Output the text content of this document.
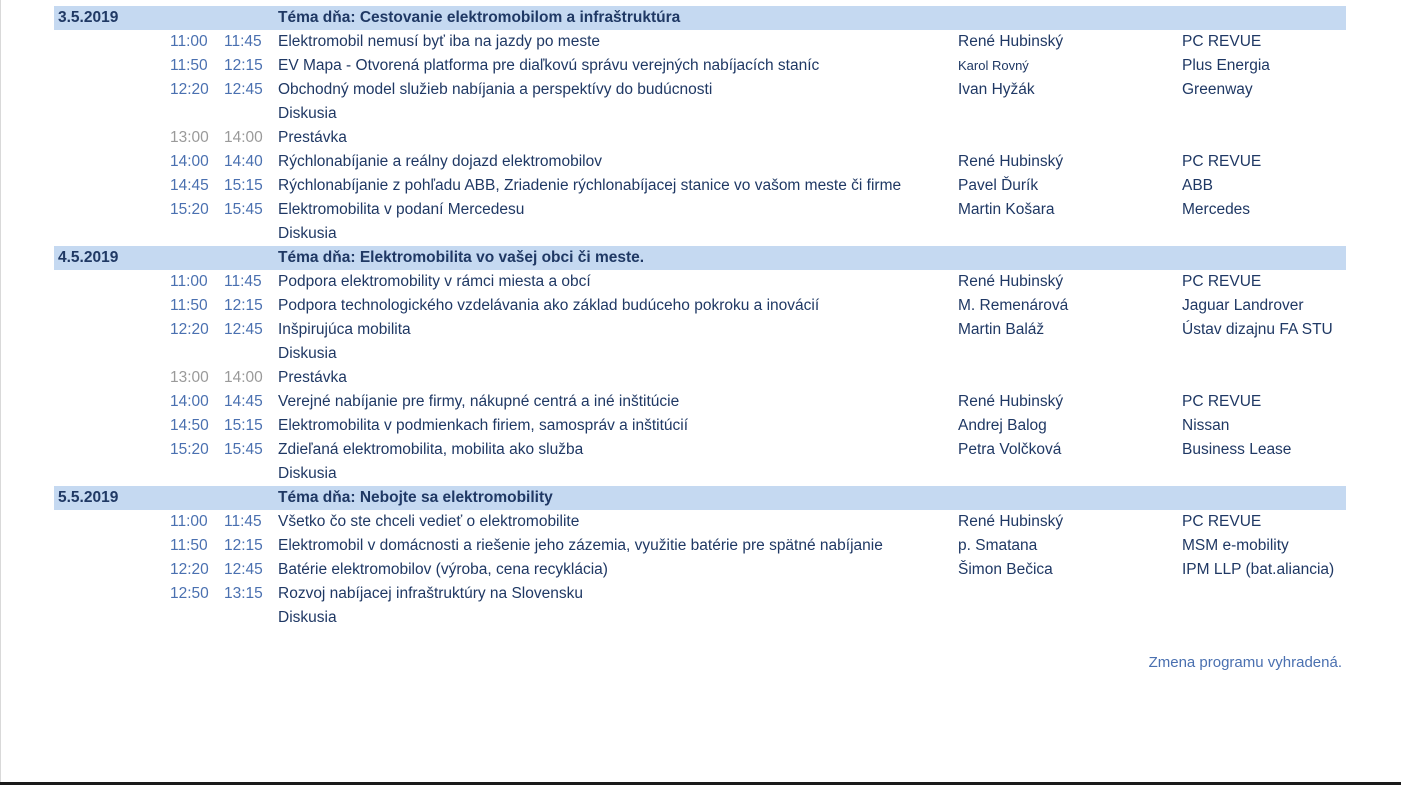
3.5.2019	Téma dňa: Cestovanie elektromobilom a infraštruktúra
11:00	11:45	Elektromobil nemusí byť iba na jazdy po meste	René Hubinský	PC REVUE
11:50	12:15 EV Mapa - Otvorená platforma pre diaľkovú správu verejných nabíjacích staníc	Karol Rovný	Plus Energia
12:20 12:45 Obchodný model služieb nabíjania a perspektívy do budúcnosti	Ivan Hyžák	Greenway
Diskusia
13:00 14:00 Prestávka
14:00 14:40 Rýchlonabíjanie a reálny dojazd elektromobilov	René Hubinský	PC REVUE
14:45 15:15 Rýchlonabíjanie z pohľadu ABB, Zriadenie rýchlonabíjacej stanice vo vašom meste či firme	Pavel Ďurík	ABB
15:20 15:45 Elektromobilita v podaní Mercedesu	Martin Košara	Mercedes
Diskusia
4.5.2019	Téma dňa: Elektromobilita vo vašej obci či meste.
11:00	11:45	Podpora elektromobility v rámci miesta a obcí	René Hubinský	PC REVUE
11:50	12:15 Podpora technologického vzdelávania ako základ budúceho pokroku a inovácií	M. Remenárová	Jaguar Landrover
12:20 12:45 Inšpirujúca mobilita	Martin Baláž	Ústav dizajnu FA STU
Diskusia
13:00 14:00 Prestávka
14:00 14:45 Verejné nabíjanie pre firmy, nákupné centrá a iné inštitúcie	René Hubinský	PC REVUE
14:50 15:15 Elektromobilita v podmienkach firiem, samospráv a inštitúcií	Andrej Balog	Nissan
15:20 15:45 Zdieľaná elektromobilita, mobilita ako služba	Petra Volčková	Business Lease
Diskusia
5.5.2019	Téma dňa: Nebojte sa elektromobility
11:00	11:45	Všetko čo ste chceli vedieť o elektromobilite	René Hubinský	PC REVUE
11:50	12:15 Elektromobil v domácnosti a riešenie jeho zázemia, využitie batérie pre spätné nabíjanie	p. Smatana	MSM e-mobility
12:20 12:45 Batérie elektromobilov (výroba, cena recyklácia)	Šimon Bečica	IPM LLP (bat.aliancia)
12:50 13:15 Rozvoj nabíjacej infraštruktúry na Slovensku
Diskusia
Zmena programu vyhradená.
